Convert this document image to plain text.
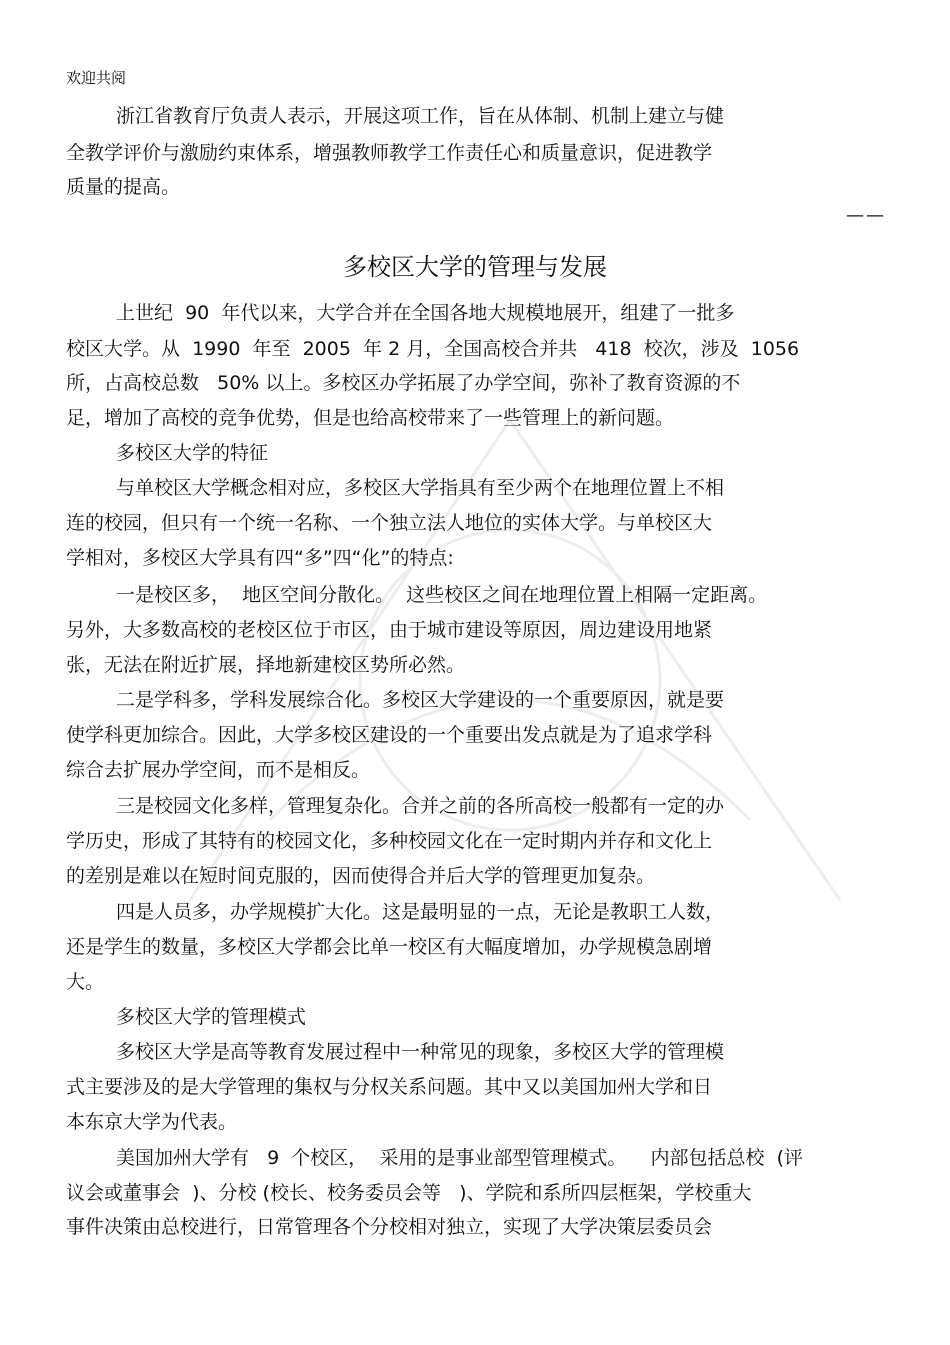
欢迎共阅
浙江省教育厅负责人表示，开展这项工作，旨在从体制、机制上建立与健
全教学评价与激励约束体系，增强教师教学工作责任心和质量意识，促进教学
质量的提高。
——
多校区大学的管理与发展
上世纪  90  年代以来，大学合并在全国各地大规模地展开，组建了一批多
校区大学。从  1990  年至  2005  年 2 月，全国高校合并共   418  校次，涉及  1056
所，占高校总数   50% 以上。多校区办学拓展了办学空间，弥补了教育资源的不
足，增加了高校的竞争优势，但是也给高校带来了一些管理上的新问题。
多校区大学的特征
与单校区大学概念相对应，多校区大学指具有至少两个在地理位置上不相
连的校园，但只有一个统一名称、一个独立法人地位的实体大学。与单校区大
学相对，多校区大学具有四“多”四“化”的特点:
一是校区多，  地区空间分散化。  这些校区之间在地理位置上相隔一定距离。
另外，大多数高校的老校区位于市区，由于城市建设等原因，周边建设用地紧
张，无法在附近扩展，择地新建校区势所必然。
二是学科多，学科发展综合化。多校区大学建设的一个重要原因，就是要
使学科更加综合。因此，大学多校区建设的一个重要出发点就是为了追求学科
综合去扩展办学空间，而不是相反。
三是校园文化多样，管理复杂化。合并之前的各所高校一般都有一定的办
学历史，形成了其特有的校园文化，多种校园文化在一定时期内并存和文化上
的差别是难以在短时间克服的，因而使得合并后大学的管理更加复杂。
四是人员多，办学规模扩大化。这是最明显的一点，无论是教职工人数，
还是学生的数量，多校区大学都会比单一校区有大幅度增加，办学规模急剧增
大。
多校区大学的管理模式
多校区大学是高等教育发展过程中一种常见的现象，多校区大学的管理模
式主要涉及的是大学管理的集权与分权关系问题。其中又以美国加州大学和日
本东京大学为代表。
美国加州大学有   9  个校区，  采用的是事业部型管理模式。    内部包括总校  (评
议会或董事会  )、分校 (校长、校务委员会等   )、学院和系所四层框架，学校重大
事件决策由总校进行，日常管理各个分校相对独立，实现了大学决策层委员会
